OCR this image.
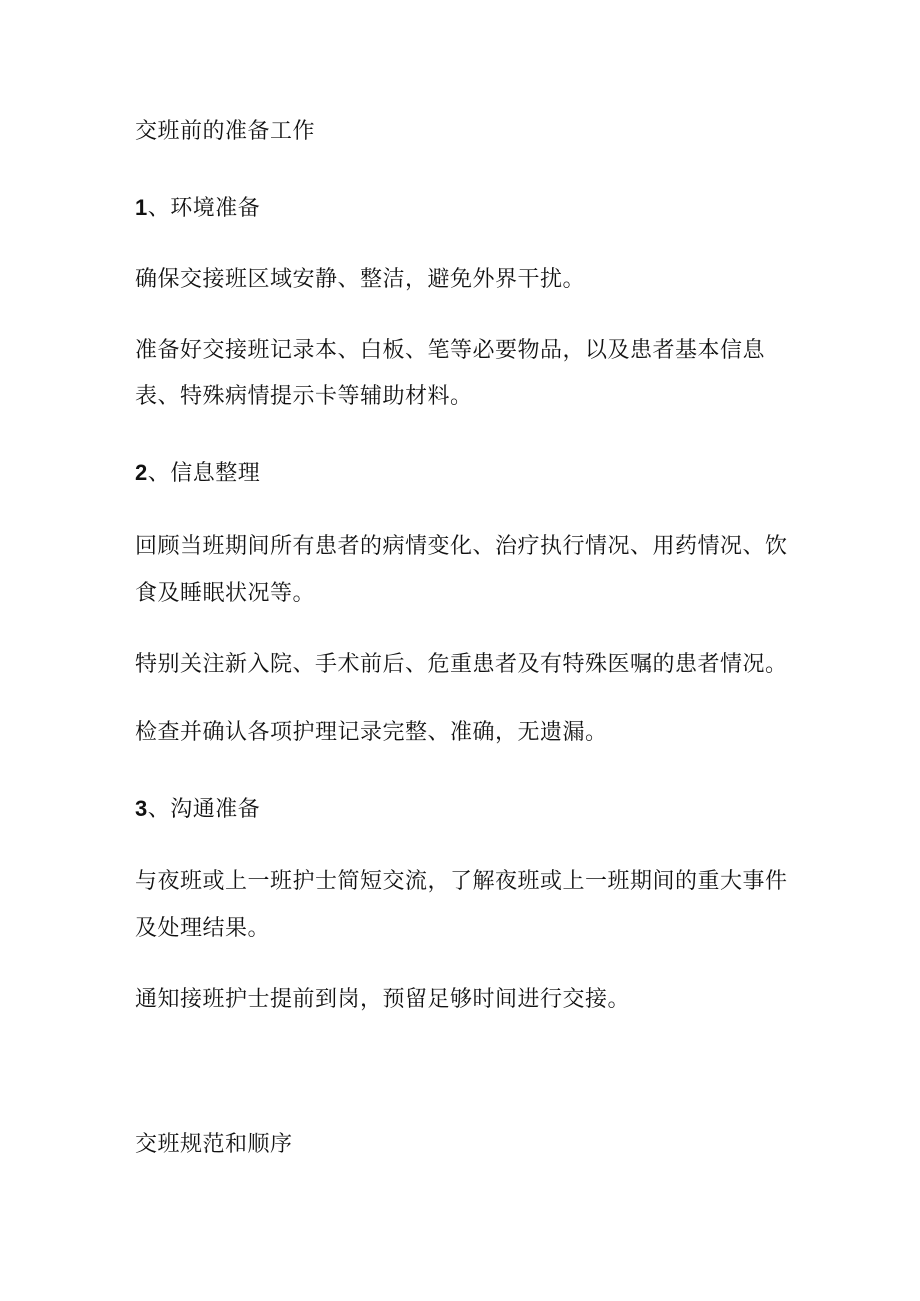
交班前的准备工作
1、环境准备
确保交接班区域安静、整洁，避免外界干扰。
准备好交接班记录本、白板、笔等必要物品，以及患者基本信息
表、特殊病情提示卡等辅助材料。
2、信息整理
回顾当班期间所有患者的病情变化、治疗执行情况、用药情况、饮
食及睡眠状况等。
特别关注新入院、手术前后、危重患者及有特殊医嘱的患者情况。
检查并确认各项护理记录完整、准确，无遗漏。
3、沟通准备
与夜班或上一班护士简短交流，了解夜班或上一班期间的重大事件
及处理结果。
通知接班护士提前到岗，预留足够时间进行交接。
交班规范和顺序
